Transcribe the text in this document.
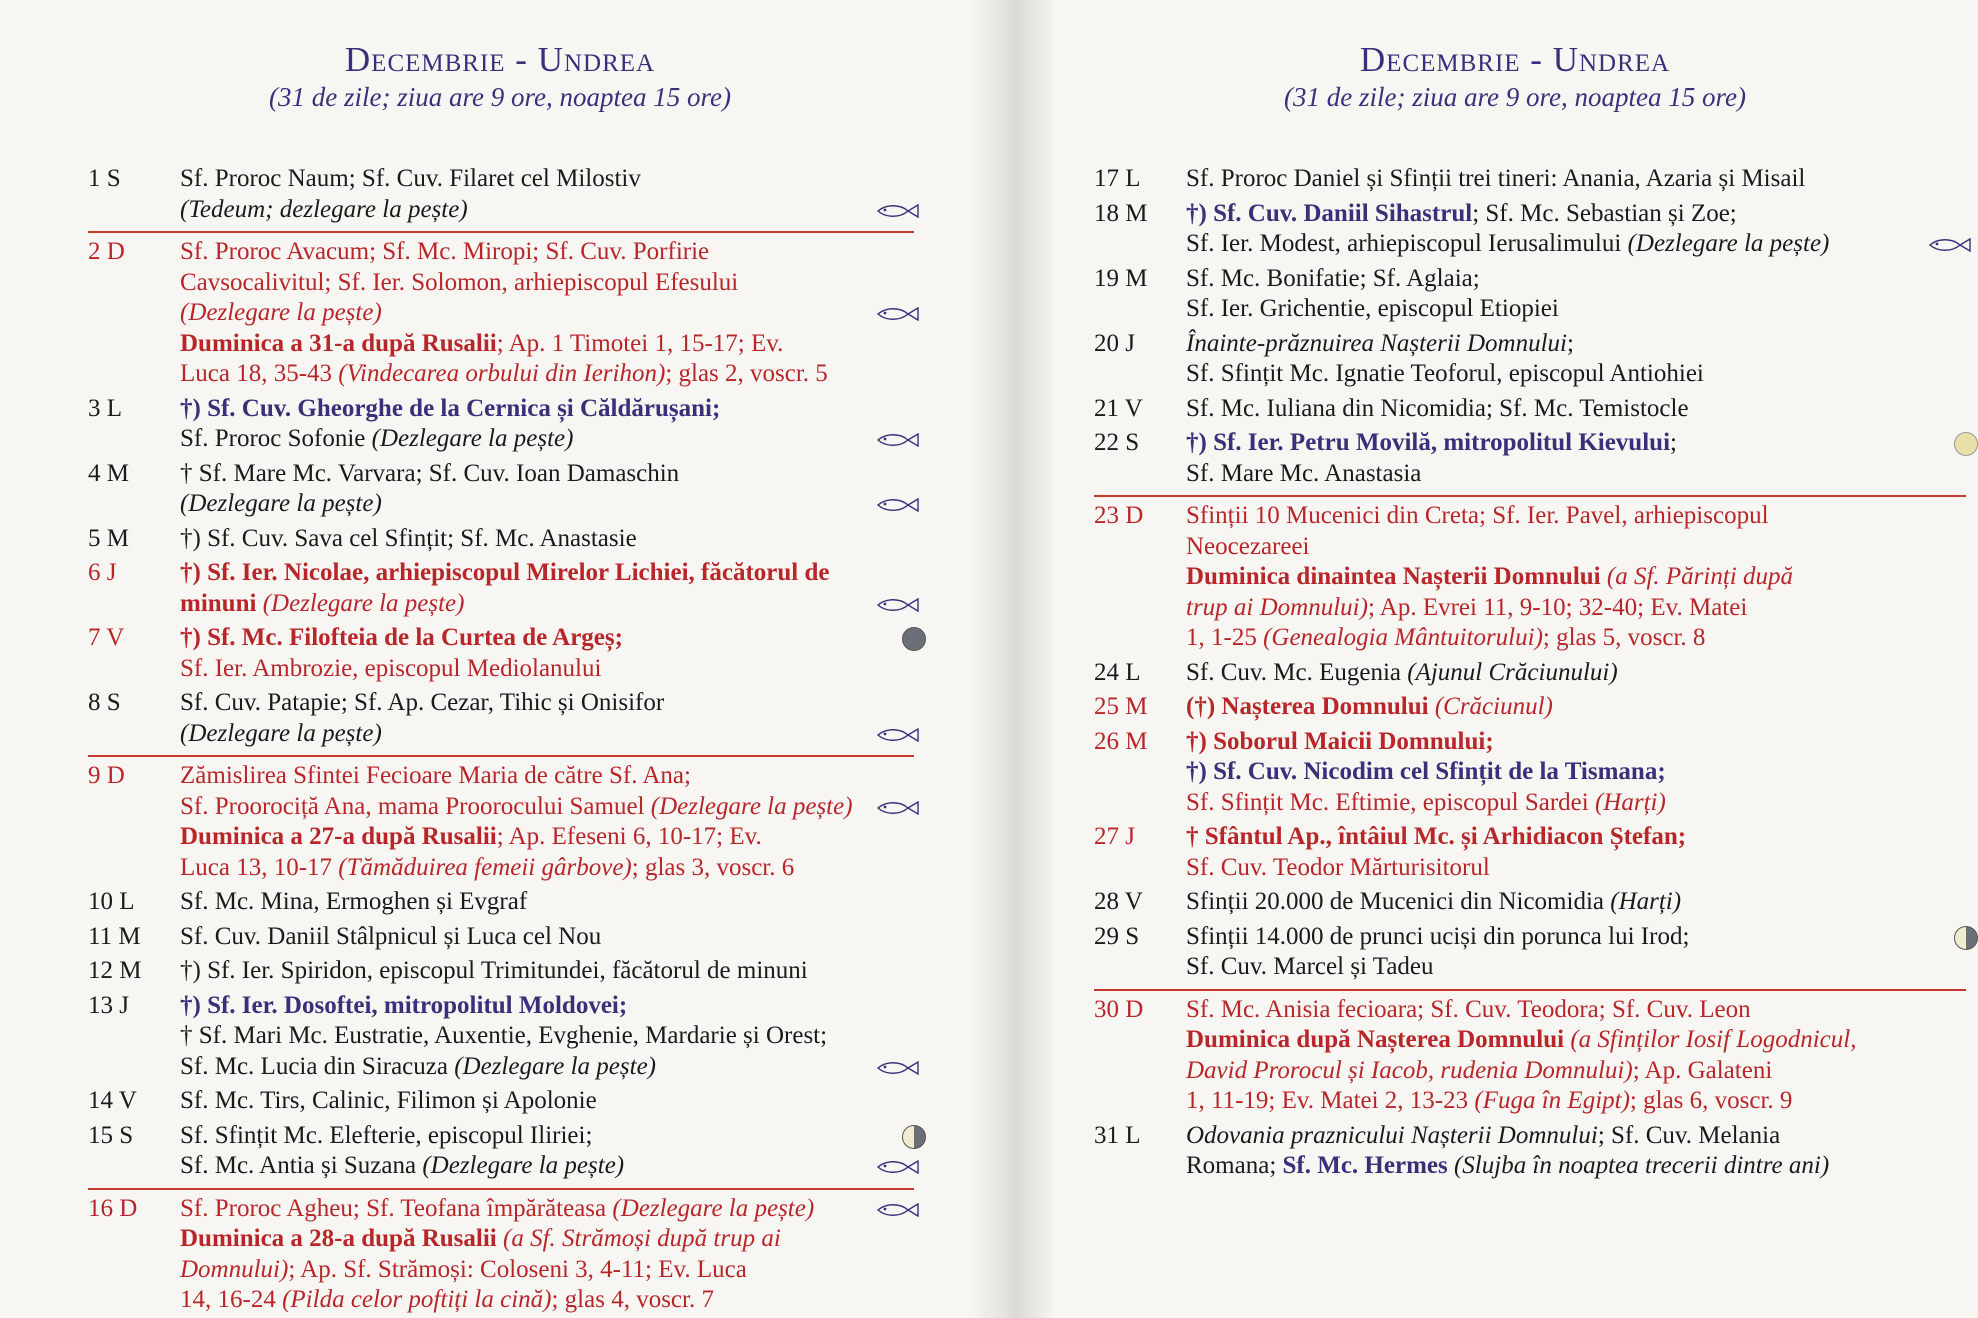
Decembrie - Undrea
(31 de zile; ziua are 9 ore, noaptea 15 ore)
1 S	Sf. Proroc Naum; Sf. Cuv. Filaret cel Milostiv
(Tedeum; dezlegare la pește)
2 D	Sf. Proroc Avacum; Sf. Mc. Miropi; Sf. Cuv. Porfirie
Cavsocalivitul; Sf. Ier. Solomon, arhiepiscopul Efesului
(Dezlegare la pește)
Duminica a 31-a după Rusalii; Ap. 1 Timotei 1, 15-17; Ev.
Luca 18, 35-43 (Vindecarea orbului din Ierihon); glas 2, voscr. 5
3 L	†) Sf. Cuv. Gheorghe de la Cernica și Căldărușani;
Sf. Proroc Sofonie (Dezlegare la pește)
4 M	† Sf. Mare Mc. Varvara; Sf. Cuv. Ioan Damaschin
(Dezlegare la pește)
5 M	†) Sf. Cuv. Sava cel Sfințit; Sf. Mc. Anastasie
6 J	†) Sf. Ier. Nicolae, arhiepiscopul Mirelor Lichiei, făcătorul de
minuni (Dezlegare la pește)
7 V	†) Sf. Mc. Filofteia de la Curtea de Argeș;
Sf. Ier. Ambrozie, episcopul Mediolanului
8 S	Sf. Cuv. Patapie; Sf. Ap. Cezar, Tihic și Onisifor
(Dezlegare la pește)
9 D	Zămislirea Sfintei Fecioare Maria de către Sf. Ana;
Sf. Proorociță Ana, mama Proorocului Samuel (Dezlegare la pește)
Duminica a 27-a după Rusalii; Ap. Efeseni 6, 10-17; Ev.
Luca 13, 10-17 (Tămăduirea femeii gârbove); glas 3, voscr. 6
10 L	Sf. Mc. Mina, Ermoghen și Evgraf
11 M	Sf. Cuv. Daniil Stâlpnicul și Luca cel Nou
12 M	†) Sf. Ier. Spiridon, episcopul Trimitundei, făcătorul de minuni
13 J	†) Sf. Ier. Dosoftei, mitropolitul Moldovei;
† Sf. Mari Mc. Eustratie, Auxentie, Evghenie, Mardarie și Orest;
Sf. Mc. Lucia din Siracuza (Dezlegare la pește)
14 V	Sf. Mc. Tirs, Calinic, Filimon și Apolonie
15 S	Sf. Sfințit Mc. Elefterie, episcopul Iliriei;
Sf. Mc. Antia și Suzana (Dezlegare la pește)
16 D	Sf. Proroc Agheu; Sf. Teofana împărăteasa (Dezlegare la pește)
Duminica a 28-a după Rusalii (a Sf. Strămoși după trup ai
Domnului); Ap. Sf. Strămoși: Coloseni 3, 4-11; Ev. Luca
14, 16-24 (Pilda celor poftiți la cină); glas 4, voscr. 7
Decembrie - Undrea
(31 de zile; ziua are 9 ore, noaptea 15 ore)
17 L	Sf. Proroc Daniel și Sfinții trei tineri: Anania, Azaria și Misail
18 M	†) Sf. Cuv. Daniil Sihastrul; Sf. Mc. Sebastian și Zoe;
Sf. Ier. Modest, arhiepiscopul Ierusalimului (Dezlegare la pește)
19 M	Sf. Mc. Bonifatie; Sf. Aglaia;
Sf. Ier. Grichentie, episcopul Etiopiei
20 J	Înainte-prăznuirea Nașterii Domnului;
Sf. Sfințit Mc. Ignatie Teoforul, episcopul Antiohiei
21 V	Sf. Mc. Iuliana din Nicomidia; Sf. Mc. Temistocle
22 S	†) Sf. Ier. Petru Movilă, mitropolitul Kievului;
Sf. Mare Mc. Anastasia
23 D	Sfinții 10 Mucenici din Creta; Sf. Ier. Pavel, arhiepiscopul
Neocezareei
Duminica dinaintea Nașterii Domnului (a Sf. Părinți după
trup ai Domnului); Ap. Evrei 11, 9-10; 32-40; Ev. Matei
1, 1-25 (Genealogia Mântuitorului); glas 5, voscr. 8
24 L	Sf. Cuv. Mc. Eugenia (Ajunul Crăciunului)
25 M	(†) Nașterea Domnului (Crăciunul)
26 M	†) Soborul Maicii Domnului;
†) Sf. Cuv. Nicodim cel Sfințit de la Tismana;
Sf. Sfințit Mc. Eftimie, episcopul Sardei (Harți)
27 J	† Sfântul Ap., întâiul Mc. și Arhidiacon Ștefan;
Sf. Cuv. Teodor Mărturisitorul
28 V	Sfinții 20.000 de Mucenici din Nicomidia (Harți)
29 S	Sfinții 14.000 de prunci uciși din porunca lui Irod;
Sf. Cuv. Marcel și Tadeu
30 D	Sf. Mc. Anisia fecioara; Sf. Cuv. Teodora; Sf. Cuv. Leon
Duminica după Nașterea Domnului (a Sfinților Iosif Logodnicul,
David Prorocul și Iacob, rudenia Domnului); Ap. Galateni
1, 11-19; Ev. Matei 2, 13-23 (Fuga în Egipt); glas 6, voscr. 9
31 L	Odovania praznicului Nașterii Domnului; Sf. Cuv. Melania
Romana; Sf. Mc. Hermes (Slujba în noaptea trecerii dintre ani)
